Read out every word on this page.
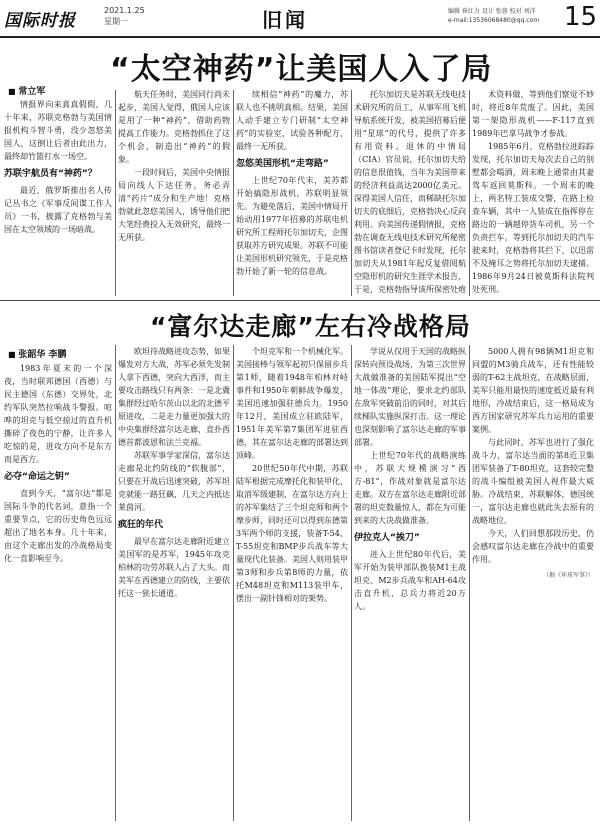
国际时报
2021.1.25
星期一	旧闻	编辑 崔红力 设计 张蓉 校对 刘洋
e-mail:13536068480@qq.com 15
“太空神药”让美国人入了局
■ 常立军

情报界向来真真假假，几十年来，苏联克格勃与美国情报机构斗智斗勇，没少忽悠美国人，这倒让后者由此出力，最终却竹篮打水一场空。

苏联宇航员有“神药”？

最近，俄罗斯推出名人传记丛书之《军事反间谍工作人员》一书，披露了克格勃与美国在太空领域的一场暗战。

航天任务时，美国同行尚未起步，美国人觉得，俄国人应该是用了一种“神药”，借助药物提高工作能力。克格勃抓住了这个机会，制造出“神药”的假象。

一段时间后，美国中央情报局向线人下达任务，务必弄清“药片”成分和生产地！克格勃就此忽悠美国人，诱导他们把大笔经费投入无效研究，最终一无所获。

续相信“神药”的魔力，苏联人也不挑明真相。结果，美国人动手建立专门研制“太空神药”的实验室，试验各种配方，最终一无所获。

忽悠美国形机“走弯路”

上世纪70年代末，美苏都开始搞隐形战机，苏联明显领先。为避免落后，美国中情局开始动用1977年招募的苏联电机研究所工程师托尔加切夫，企图获取苏方研究成果。苏联不可能让美国形机研究领先，于是克格勃开始了新一轮的信息战。

托尔加切夫是苏联无线电技术研究所的员工，从事军用飞机导航系统开发，被美国招募后便用“星球”的代号，提供了许多有用资料。退休的中情局（CIA）官员说，托尔加切夫给的信息很值钱，当年为美国带来的经济利益高达2000亿美元。深得美国人信任，而稀缺托尔加切夫的底细后，克格勃决心反向利用。向美国传递假情报，克格勃在调查无线电技术研究所秘密图书馆读者登记卡时发现，托尔加切夫从1981年起反复借阅航空隐形机的研究生涯学术报告，于是，克格勃指导该所保密处炮

术资料做，等到他们察觉不妙时，将近8年荒废了。因此，美国第一架隐形战机——F-117直到1989年巴拿马战争才参战。

1985年6月，克格勃拉进踪踪发现，托尔加切夫每次去自己的别墅都会喝酒，周末晚上通常由其妻驾车返回莫斯科。一个周末的晚上，两名特工装成交警，在路上检查车辆，其中一人装成在指挥停在路边的一辆越停货车司机，另一个负责拦车。等到托尔加切夫的汽车驶来时，克格勃将其拦下，以迅雷不及掩耳之势将托尔加切夫逮捕。1986年9月24日被莫斯科法院判处死刑。

“富尔达走廊”左右冷战格局
■ 张韶华 李鹏

1983年夏末的一个深夜，当时联邦德国（西德）与民主德国（东德）交界处，北约军队突然拉响战斗警报。喧哗的坦克与低空掠过的直升机撕碎了夜色的宁静，让许多人吃惊的是，进攻方向不是东方而是西方。

必夺“命运之钥”

直到今天，“富尔达”都是国际斗争的代名词，意指一个重要节点，它的历史角色远远超出了地名本身。几十年来，由这个走廊出发的冷战格局变化一直影响至今。

欧坦待战略进攻态势，如果爆发对方大战，苏军必须先发制人拿下西德，突向大西洋，而主要攻击路线只有两条：一是北冀集群经过哈尔茨山以北的北德平原进攻，二是走力量更加强大的中央集群经富尔达走廊，直扑西德首都波恩和法兰克福。

苏联军事学家深信，富尔达走廊是北约防线的“软腹部”，只要在开战后迅速突破，苏军坦克就能一路狂飙，几天之内抵达莱茵河。

疯狂的年代

最早在富尔达走廊附近建立美国军的是苏军，1945年攻克柏林的功劳苏联人占了大头。而美军在西德建立的防线，主要依托这一狭长通道。

个坦克军和一个机械化军。美国接棒与领军起初只保留步兵第1师，随着1948年柏林对峙事件和1950年朝鲜战争爆发，美国迅速加强驻德兵力。1950年12月，美国成立驻欧陆军，1951年美军第7集团军进驻西德，其在富尔达走廊的部署达到顶峰。

20世纪50年代中期，苏联陆军根据完成摩托化和装甲化，取消军级建制，在富尔达方向上的苏军集结了三个坦克师和两个摩步师，同时还可以得到东德第3军两个师的支援，装备T-54、T-55坦克和BMP步兵战车等大量现代化装备。美国人则用装甲第3师和步兵第8师的力量，依托M48坦克和M113装甲车，摆出一副针锋相对的架势。

学说从仅用于天国的战略纵深转向预设战场，为第三次世界大战做准备的美国陆军提出“空地一体战”理论，要求北约部队在敌军突破前沿的同时，对其后续梯队实施纵深打击。这一理论也深刻影响了富尔达走廊的军事部署。

上世纪70年代的战略演练中，苏联大规模演习“西方-81”，作战对象就是富尔达走廊。双方在富尔达走廊附近部署的坦克数量惊人，都在为可能到来的大决战做准备。

伊拉克人“挨刀”

进入上世纪80年代后，美军开始为装甲部队换装M1主战坦克、M2步兵战车和AH-64攻击直升机，总兵力将近20万人。

5000人拥有98辆M1坦克和同盟的M3骑兵战车，还有性能较弱的T-62主战坦克，在战略层面，美军只能用最快的速度抵近最有利地形，冷战结束后，这一格局成为西方国家研究苏军兵力运用的重要案例。

与此同时，苏军也进行了强化战斗力，富尔达当面的第8近卫集团军装备了T-80坦克，这套较完整的战斗编组被美国人视作最大威胁。冷战结束，苏联解体，德国统一，富尔达走廊也就此失去原有的战略地位。

今天，人们回想那段历史，仍会感叹富尔达走廊在冷战中的重要作用。

（据《环球军事》）
